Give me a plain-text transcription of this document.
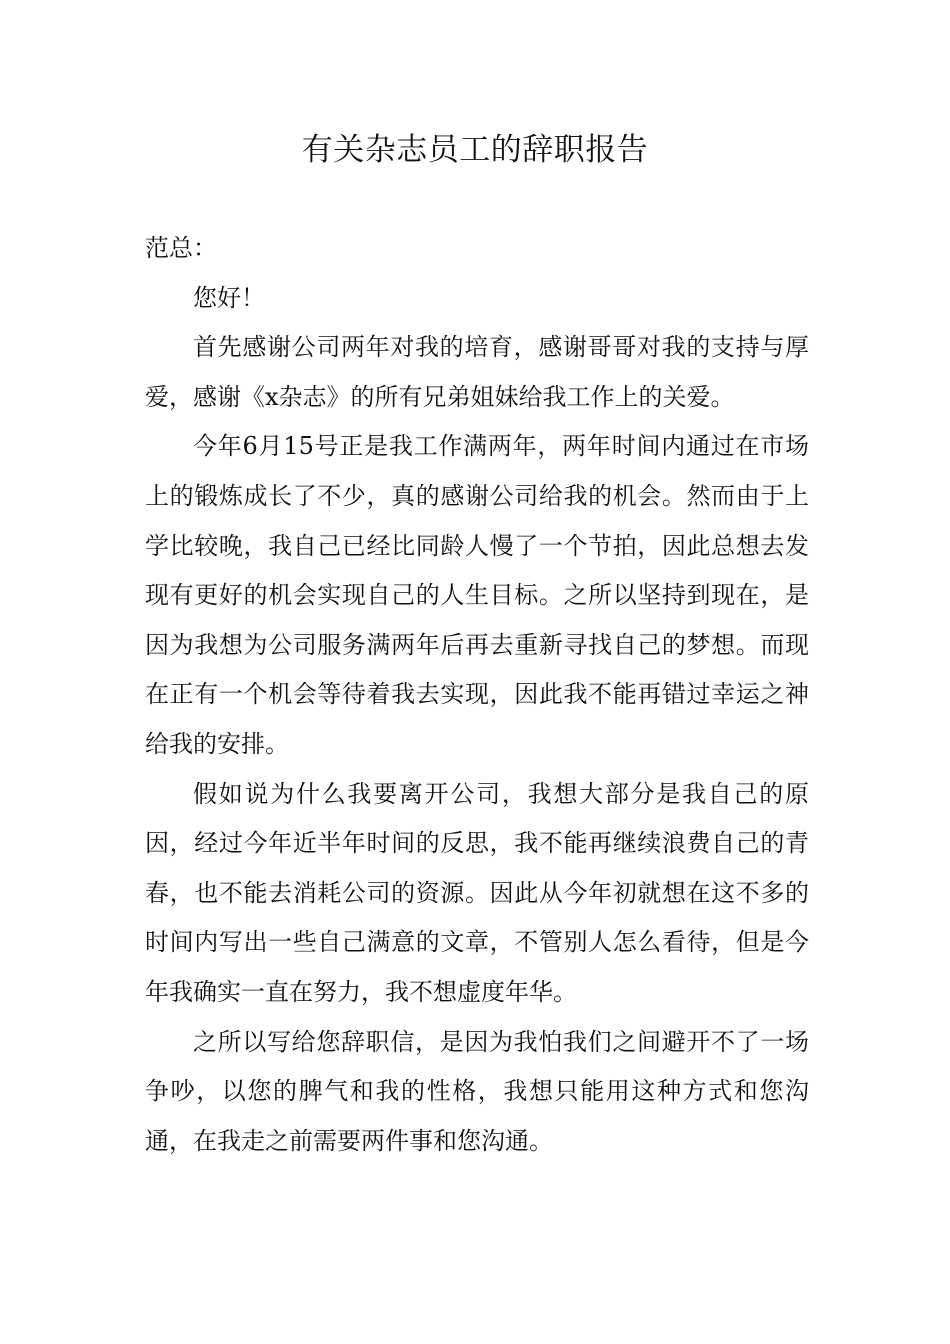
有关杂志员工的辞职报告

范总：

您好！

首先感谢公司两年对我的培育，感谢哥哥对我的支持与厚爱，感谢《x杂志》的所有兄弟姐妹给我工作上的关爱。

今年6月15号正是我工作满两年，两年时间内通过在市场上的锻炼成长了不少，真的感谢公司给我的机会。然而由于上学比较晚，我自己已经比同龄人慢了一个节拍，因此总想去发现有更好的机会实现自己的人生目标。之所以坚持到现在，是因为我想为公司服务满两年后再去重新寻找自己的梦想。而现在正有一个机会等待着我去实现，因此我不能再错过幸运之神给我的安排。

假如说为什么我要离开公司，我想大部分是我自己的原因，经过今年近半年时间的反思，我不能再继续浪费自己的青春，也不能去消耗公司的资源。因此从今年初就想在这不多的时间内写出一些自己满意的文章，不管别人怎么看待，但是今年我确实一直在努力，我不想虚度年华。

之所以写给您辞职信，是因为我怕我们之间避开不了一场争吵，以您的脾气和我的性格，我想只能用这种方式和您沟通，在我走之前需要两件事和您沟通。
